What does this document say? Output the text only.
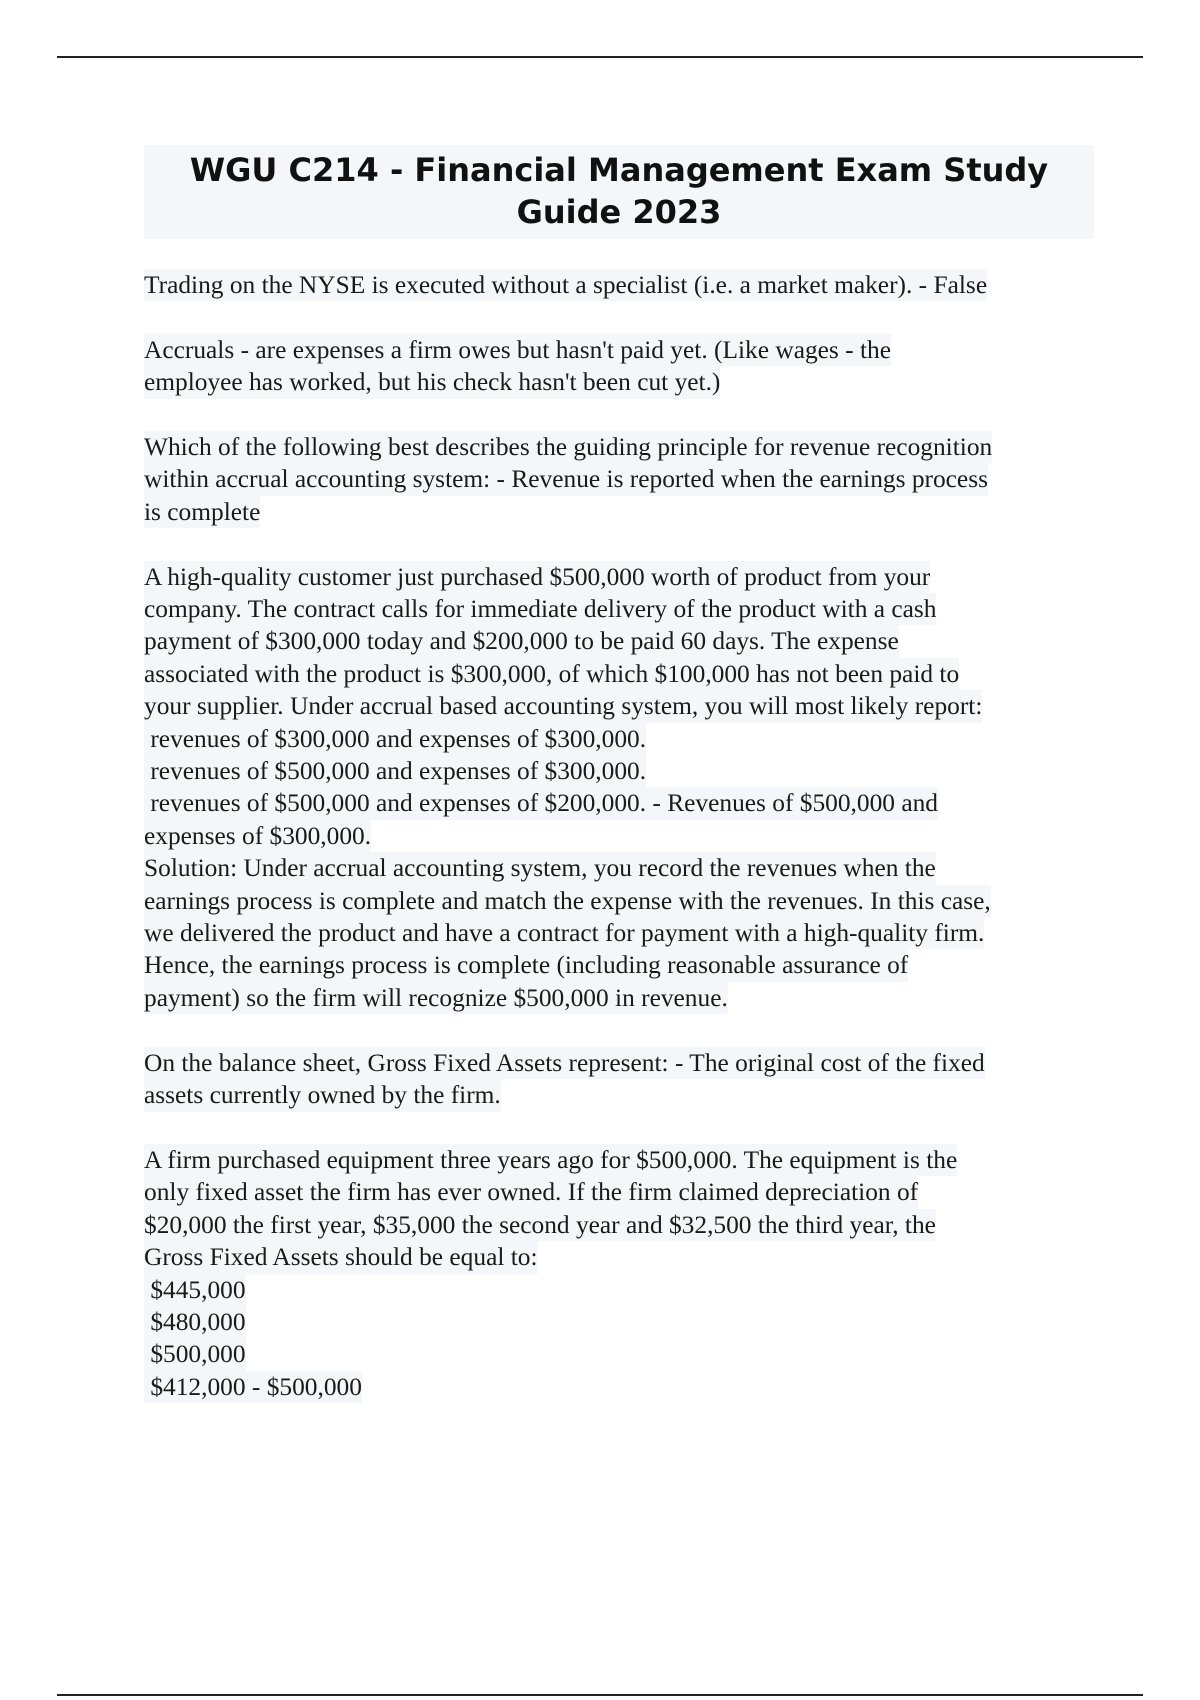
WGU C214 - Financial Management Exam Study Guide 2023
Trading on the NYSE is executed without a specialist (i.e. a market maker). - False
Accruals - are expenses a firm owes but hasn't paid yet. (Like wages - the
employee has worked, but his check hasn't been cut yet.)
Which of the following best describes the guiding principle for revenue recognition
within accrual accounting system: - Revenue is reported when the earnings process
is complete
A high-quality customer just purchased $500,000 worth of product from your
company. The contract calls for immediate delivery of the product with a cash
payment of $300,000 today and $200,000 to be paid 60 days. The expense
associated with the product is $300,000, of which $100,000 has not been paid to
your supplier. Under accrual based accounting system, you will most likely report:
revenues of $300,000 and expenses of $300,000.
revenues of $500,000 and expenses of $300,000.
revenues of $500,000 and expenses of $200,000. - Revenues of $500,000 and
expenses of $300,000.
Solution: Under accrual accounting system, you record the revenues when the
earnings process is complete and match the expense with the revenues. In this case,
we delivered the product and have a contract for payment with a high-quality firm.
Hence, the earnings process is complete (including reasonable assurance of
payment) so the firm will recognize $500,000 in revenue.
On the balance sheet, Gross Fixed Assets represent: - The original cost of the fixed
assets currently owned by the firm.
A firm purchased equipment three years ago for $500,000. The equipment is the
only fixed asset the firm has ever owned. If the firm claimed depreciation of
$20,000 the first year, $35,000 the second year and $32,500 the third year, the
Gross Fixed Assets should be equal to:
$445,000
$480,000
$500,000
$412,000 - $500,000
